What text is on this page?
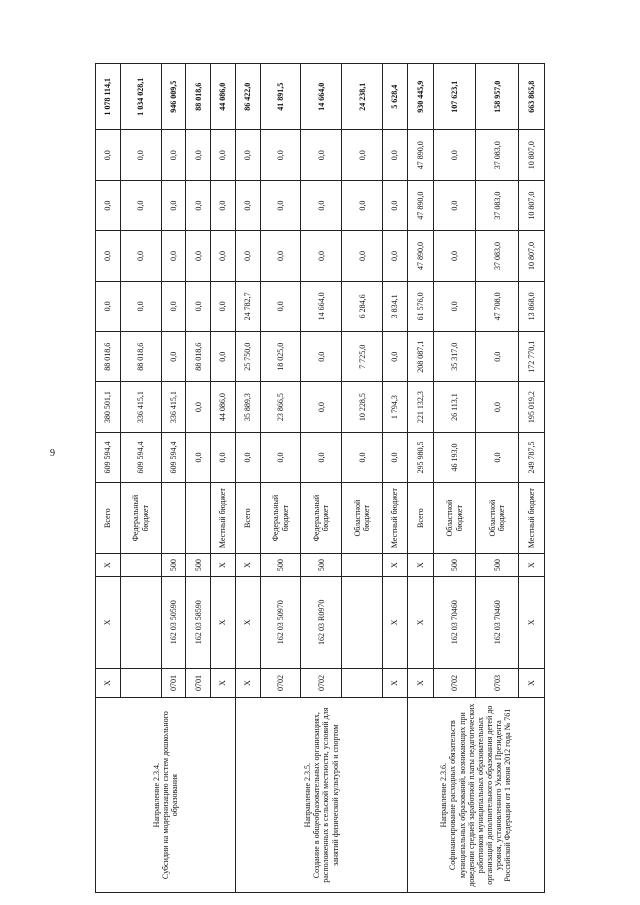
9
Направление 2.3.4.
Субсидии на модернизацию систем дошкольного образования	X	X	X	Всего	609 594,4	380 501,1	88 018,6	0,0	0,0	0,0	0,0	1 078 114,1
				Федеральный бюджет	609 594,4	336 415,1	88 018,6	0,0	0,0	0,0	0,0	1 034 028,1
	0701	162 03 50590	500		609 594,4	336 415,1	0,0	0,0	0,0	0,0	0,0	946 009,5
	0701	162 03 58590	500		0,0	0,0	88 018,6	0,0	0,0	0,0	0,0	88 018,6
	X	X	X	Местный бюджет	0,0	44 086,0	0,0	0,0	0,0	0,0	0,0	44 086,0
Направление 2.3.5.
Создание в общеобразовательных организациях, расположенных в сельской местности, условий для занятий физической культурой и спортом	X	X	X	Всего	0,0	35 889,3	25 750,0	24 782,7	0,0	0,0	0,0	86 422,0
	0702	162 03 50970	500	Федеральный бюджет	0,0	23 866,5	18 025,0	0,0	0,0	0,0	0,0	41 891,5
	0702	162 03 R0970	500	Федеральный бюджет	0,0	0,0	0,0	14 664,0	0,0	0,0	0,0	14 664,0
				Областной бюджет	0,0	10 228,5	7 725,0	6 284,6	0,0	0,0	0,0	24 238,1
	X	X	X	Местный бюджет	0,0	1 794,3	0,0	3 834,1	0,0	0,0	0,0	5 628,4
Направление 2.3.6.
Софинансирование расходных обязательств муниципальных образований, возникающих при доведении средней заработной платы педагогических работников муниципальных образовательных организаций дополнительного образования детей до уровня, установленного Указом Президента Российской Федерации от 1 июня 2012 года № 761	X	X	X	Всего	295 980,5	221 132,3	208 087,1	61 576,0	47 890,0	47 890,0	47 890,0	930 445,9
	0702	162 03 70460	500	Областной бюджет	46 193,0	26 113,1	35 317,0	0,0	0,0	0,0	0,0	107 623,1
	0703	162 03 70460	500	Областной бюджет	0,0	0,0	0,0	47 708,0	37 083,0	37 083,0	37 083,0	158 957,0
	X	X	X	Местный бюджет	249 787,5	195 019,2	172 770,1	13 868,0	10 807,0	10 807,0	10 807,0	663 865,8
